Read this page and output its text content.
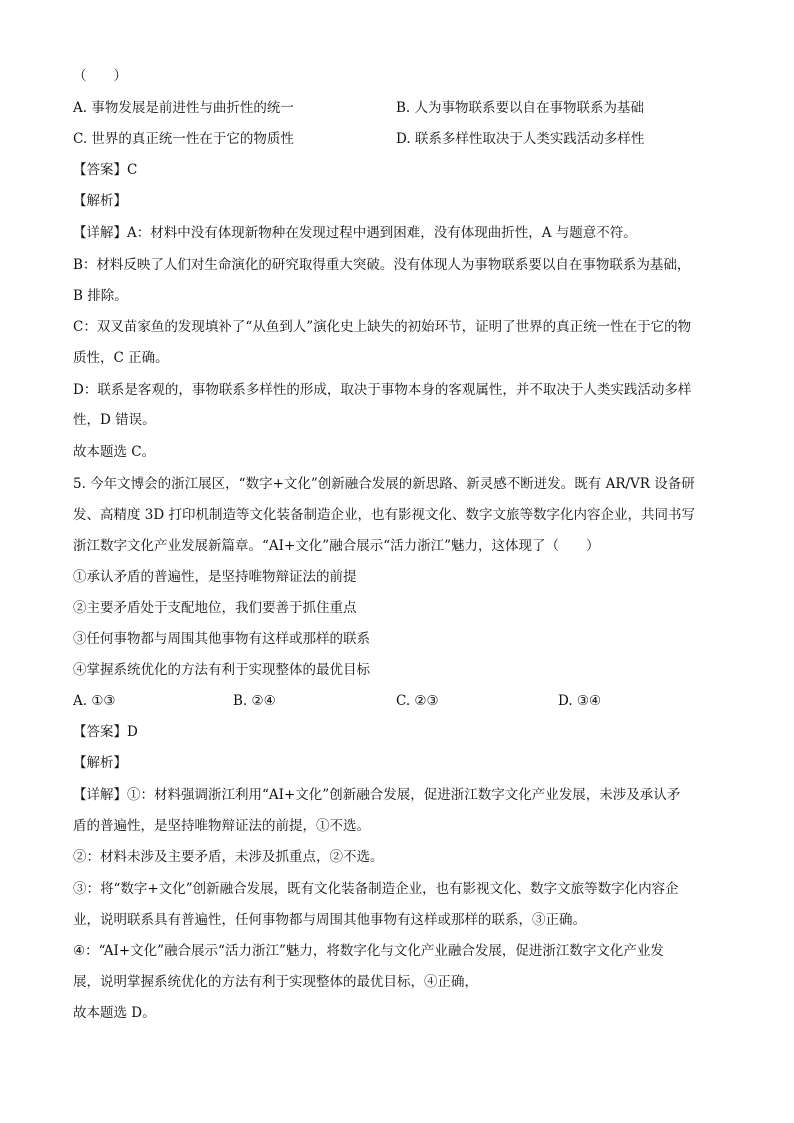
（　　）
A. 事物发展是前进性与曲折性的统一	B. 人为事物联系要以自在事物联系为基础
C. 世界的真正统一性在于它的物质性	D. 联系多样性取决于人类实践活动多样性
【答案】C
【解析】
【详解】A：材料中没有体现新物种在发现过程中遇到困难，没有体现曲折性，A 与题意不符。
B：材料反映了人们对生命演化的研究取得重大突破。没有体现人为事物联系要以自在事物联系为基础，
B 排除。
C：双叉苗家鱼的发现填补了“从鱼到人”演化史上缺失的初始环节，证明了世界的真正统一性在于它的物
质性，C 正确。
D：联系是客观的，事物联系多样性的形成，取决于事物本身的客观属性，并不取决于人类实践活动多样
性，D 错误。
故本题选 C。
5. 今年文博会的浙江展区，“数字+文化”创新融合发展的新思路、新灵感不断迸发。既有 AR/VR 设备研
发、高精度 3D 打印机制造等文化装备制造企业，也有影视文化、数字文旅等数字化内容企业，共同书写
浙江数字文化产业发展新篇章。“AI+文化”融合展示“活力浙江”魅力，这体现了（　　）
①承认矛盾的普遍性，是坚持唯物辩证法的前提
②主要矛盾处于支配地位，我们要善于抓住重点
③任何事物都与周围其他事物有这样或那样的联系
④掌握系统优化的方法有利于实现整体的最优目标
A. ①③	B. ②④	C. ②③	D. ③④
【答案】D
【解析】
【详解】①：材料强调浙江利用“AI+文化”创新融合发展，促进浙江数字文化产业发展，未涉及承认矛
盾的普遍性，是坚持唯物辩证法的前提，①不选。
②：材料未涉及主要矛盾，未涉及抓重点，②不选。
③：将“数字+文化”创新融合发展，既有文化装备制造企业，也有影视文化、数字文旅等数字化内容企
业，说明联系具有普遍性，任何事物都与周围其他事物有这样或那样的联系，③正确。
④：“AI+文化”融合展示“活力浙江”魅力，将数字化与文化产业融合发展，促进浙江数字文化产业发
展，说明掌握系统优化的方法有利于实现整体的最优目标，④正确，
故本题选 D。
